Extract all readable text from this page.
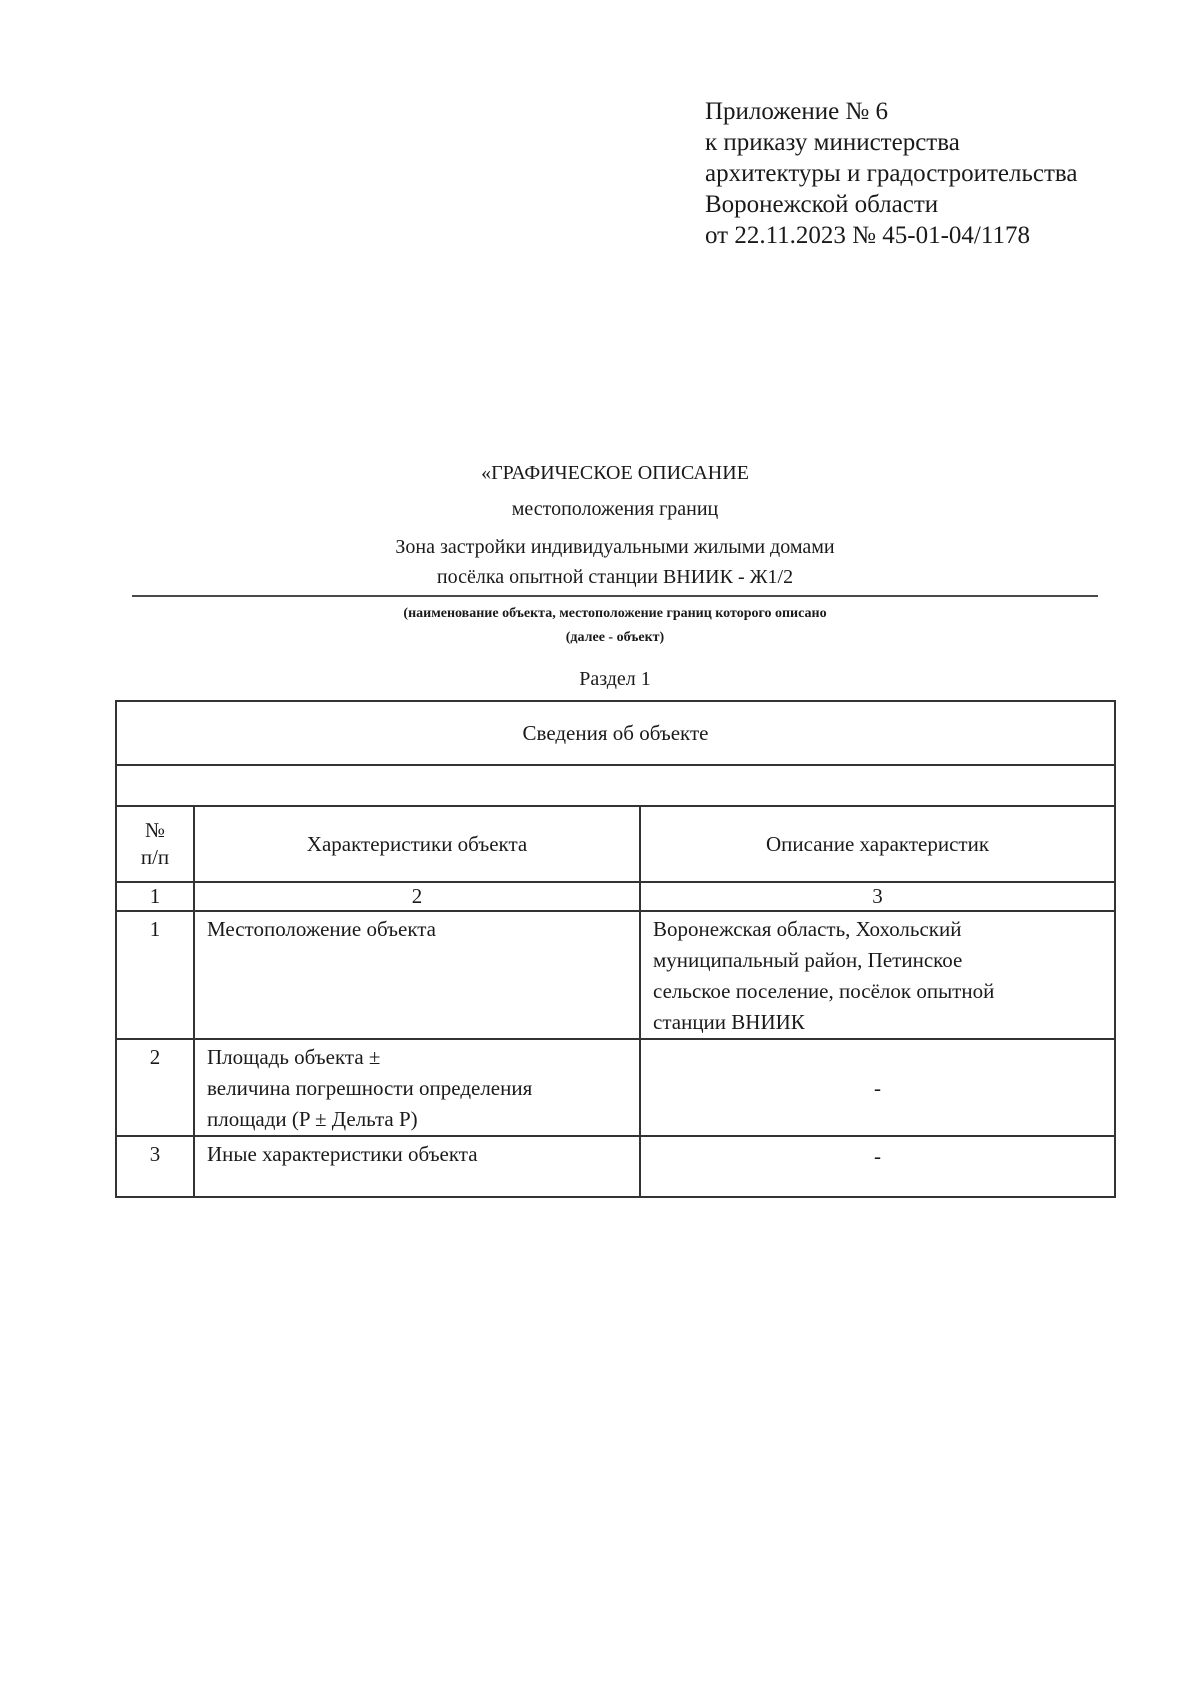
Приложение № 6
к приказу министерства
архитектуры и градостроительства
Воронежской области
от 22.11.2023 № 45-01-04/1178
«ГРАФИЧЕСКОЕ ОПИСАНИЕ
местоположения границ
Зона застройки индивидуальными жилыми домами
посёлка опытной станции ВНИИК - Ж1/2
(наименование объекта, местоположение границ которого описано
(далее - объект)
Раздел 1
Сведения об объекте		

№
п/п	Характеристики объекта	Описание характеристик
1	2	3
1	Местоположение объекта	Воронежская область, Хохольский
муниципальный район, Петинское
сельское поселение, посёлок опытной
станции ВНИИК

2	Площадь объекта ±
величина погрешности определения
площади (P ± Дельта P)	-
3	Иные характеристики объекта	-
